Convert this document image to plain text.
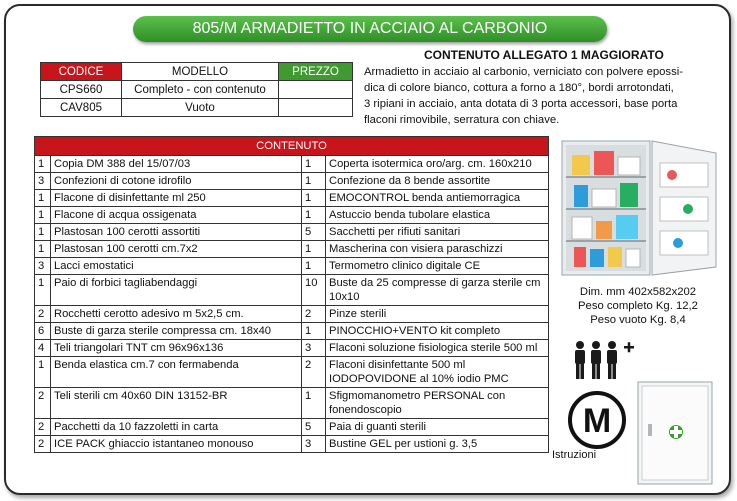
805/M ARMADIETTO IN ACCIAIO AL CARBONIO
CODICE	MODELLO	PREZZO
CPS660	Completo - con contenuto	
CAV805	Vuoto	
CONTENUTO ALLEGATO 1 MAGGIORATO
Armadietto in acciaio al carbonio, verniciato con polvere epossi-
dica di colore bianco, cottura a forno a 180°, bordi arrotondati,
3 ripiani in acciaio, anta dotata di 3 porta accessori, base porta
flaconi rimovibile, serratura con chiave.
CONTENUTO			
1	Copia DM 388 del 15/07/03	1	Coperta isotermica oro/arg. cm. 160x210
3	Confezioni di cotone idrofilo	1	Confezione da 8 bende assortite
1	Flacone di disinfettante ml 250	1	EMOCONTROL benda antiemorragica
1	Flacone di acqua ossigenata	1	Astuccio benda tubolare elastica
1	Plastosan 100 cerotti assortiti	5	Sacchetti per rifiuti sanitari
1	Plastosan 100 cerotti cm.7x2	1	Mascherina con visiera paraschizzi
3	Lacci emostatici	1	Termometro clinico digitale CE
1	Paio di forbici tagliabendaggi	10	Buste da 25 compresse di garza sterile cm 10x10
2	Rocchetti cerotto adesivo m 5x2,5 cm.	2	Pinze sterili
6	Buste di garza sterile compressa cm. 18x40	1	PINOCCHIO+VENTO kit completo
4	Teli triangolari TNT cm 96x96x136	3	Flaconi soluzione fisiologica sterile 500 ml
1	Benda elastica cm.7 con fermabenda	2	Flaconi disinfettante 500 ml IODOPOVIDONE al 10% iodio PMC
2	Teli sterili cm 40x60 DIN 13152-BR	1	Sfigmomanometro PERSONAL con fonendoscopio
2	Pacchetti da 10 fazzoletti in carta	5	Paia di guanti sterili
2	ICE PACK ghiaccio istantaneo monouso	3	Bustine GEL per ustioni g. 3,5
Istruzioni
Dim. mm 402x582x202
Peso completo Kg. 12,2
Peso vuoto Kg. 8,4
M
